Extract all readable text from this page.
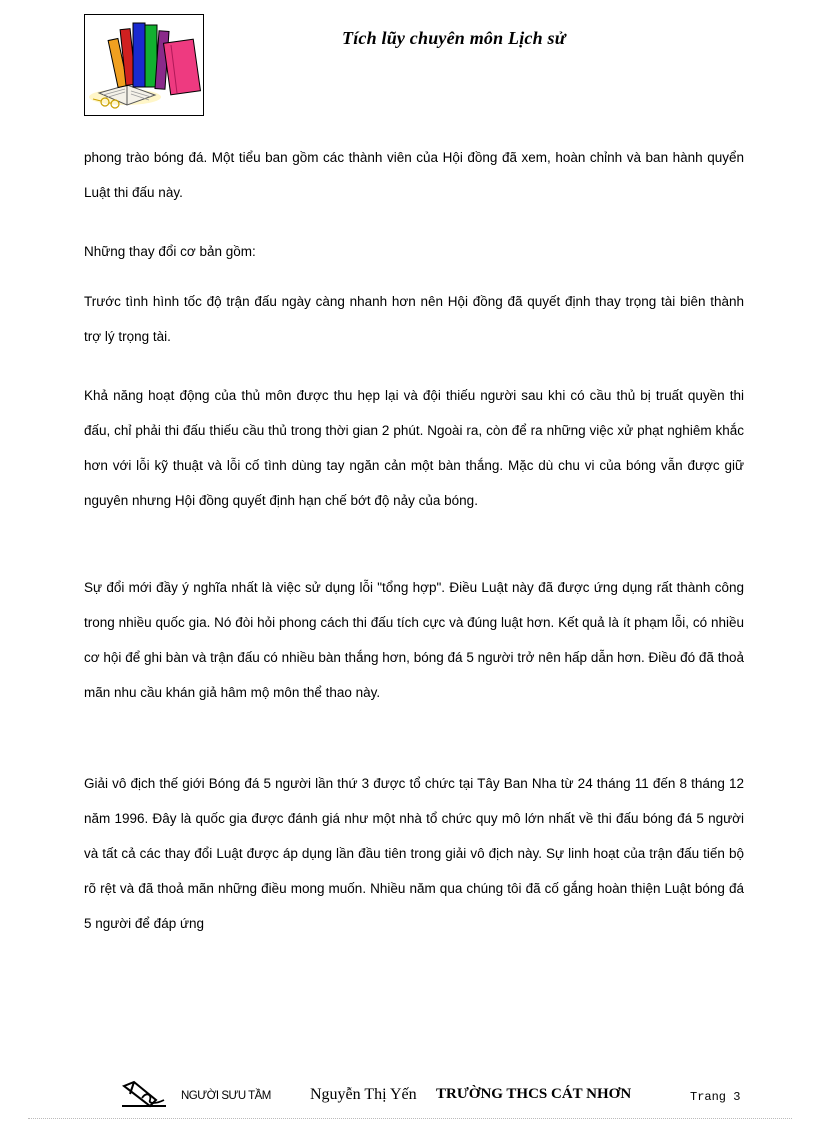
Tích lũy chuyên môn Lịch sử

phong trào bóng đá. Một tiểu ban gồm các thành viên của Hội đồng đã xem, hoàn chỉnh và ban hành quyển Luật thi đấu này.

Những thay đổi cơ bản gồm:

Trước tình hình tốc độ trận đấu ngày càng nhanh hơn nên Hội đồng đã quyết định thay trọng tài biên thành trợ lý trọng tài.

Khả năng hoạt động của thủ môn được thu hẹp lại và đội thiếu người sau khi có cầu thủ bị truất quyền thi đấu, chỉ phải thi đấu thiếu cầu thủ trong thời gian 2 phút. Ngoài ra, còn để ra những việc xử phạt nghiêm khắc hơn với lỗi kỹ thuật và lỗi cố tình dùng tay ngăn cản một bàn thắng. Mặc dù chu vi của bóng vẫn được giữ nguyên nhưng Hội đồng quyết định hạn chế bớt độ nảy của bóng.

Sự đổi mới đầy ý nghĩa nhất là việc sử dụng lỗi "tổng hợp". Điều Luật này đã được ứng dụng rất thành công trong nhiều quốc gia. Nó đòi hỏi phong cách thi đấu tích cực và đúng luật hơn. Kết quả là ít phạm lỗi, có nhiều cơ hội để ghi bàn và trận đấu có nhiều bàn thắng hơn, bóng đá 5 người trở nên hấp dẫn hơn. Điều đó đã thoả mãn nhu cầu khán giả hâm mộ môn thể thao này.

Giải vô địch thế giới Bóng đá 5 người lần thứ 3 được tổ chức tại Tây Ban Nha từ 24 tháng 11 đến 8 tháng 12 năm 1996. Đây là quốc gia được đánh giá như một nhà tổ chức quy mô lớn nhất về thi đấu bóng đá 5 người và tất cả các thay đổi Luật được áp dụng lần đầu tiên trong giải vô địch này. Sự linh hoạt của trận đấu tiến bộ rõ rệt và đã thoả mãn những điều mong muốn. Nhiều năm qua chúng tôi đã cố gắng hoàn thiện Luật bóng đá 5 người để đáp ứng

NGƯỜI SƯU TẦM Nguyễn Thị Yến TRƯỜNG THCS CÁT NHƠN	Trang 3
